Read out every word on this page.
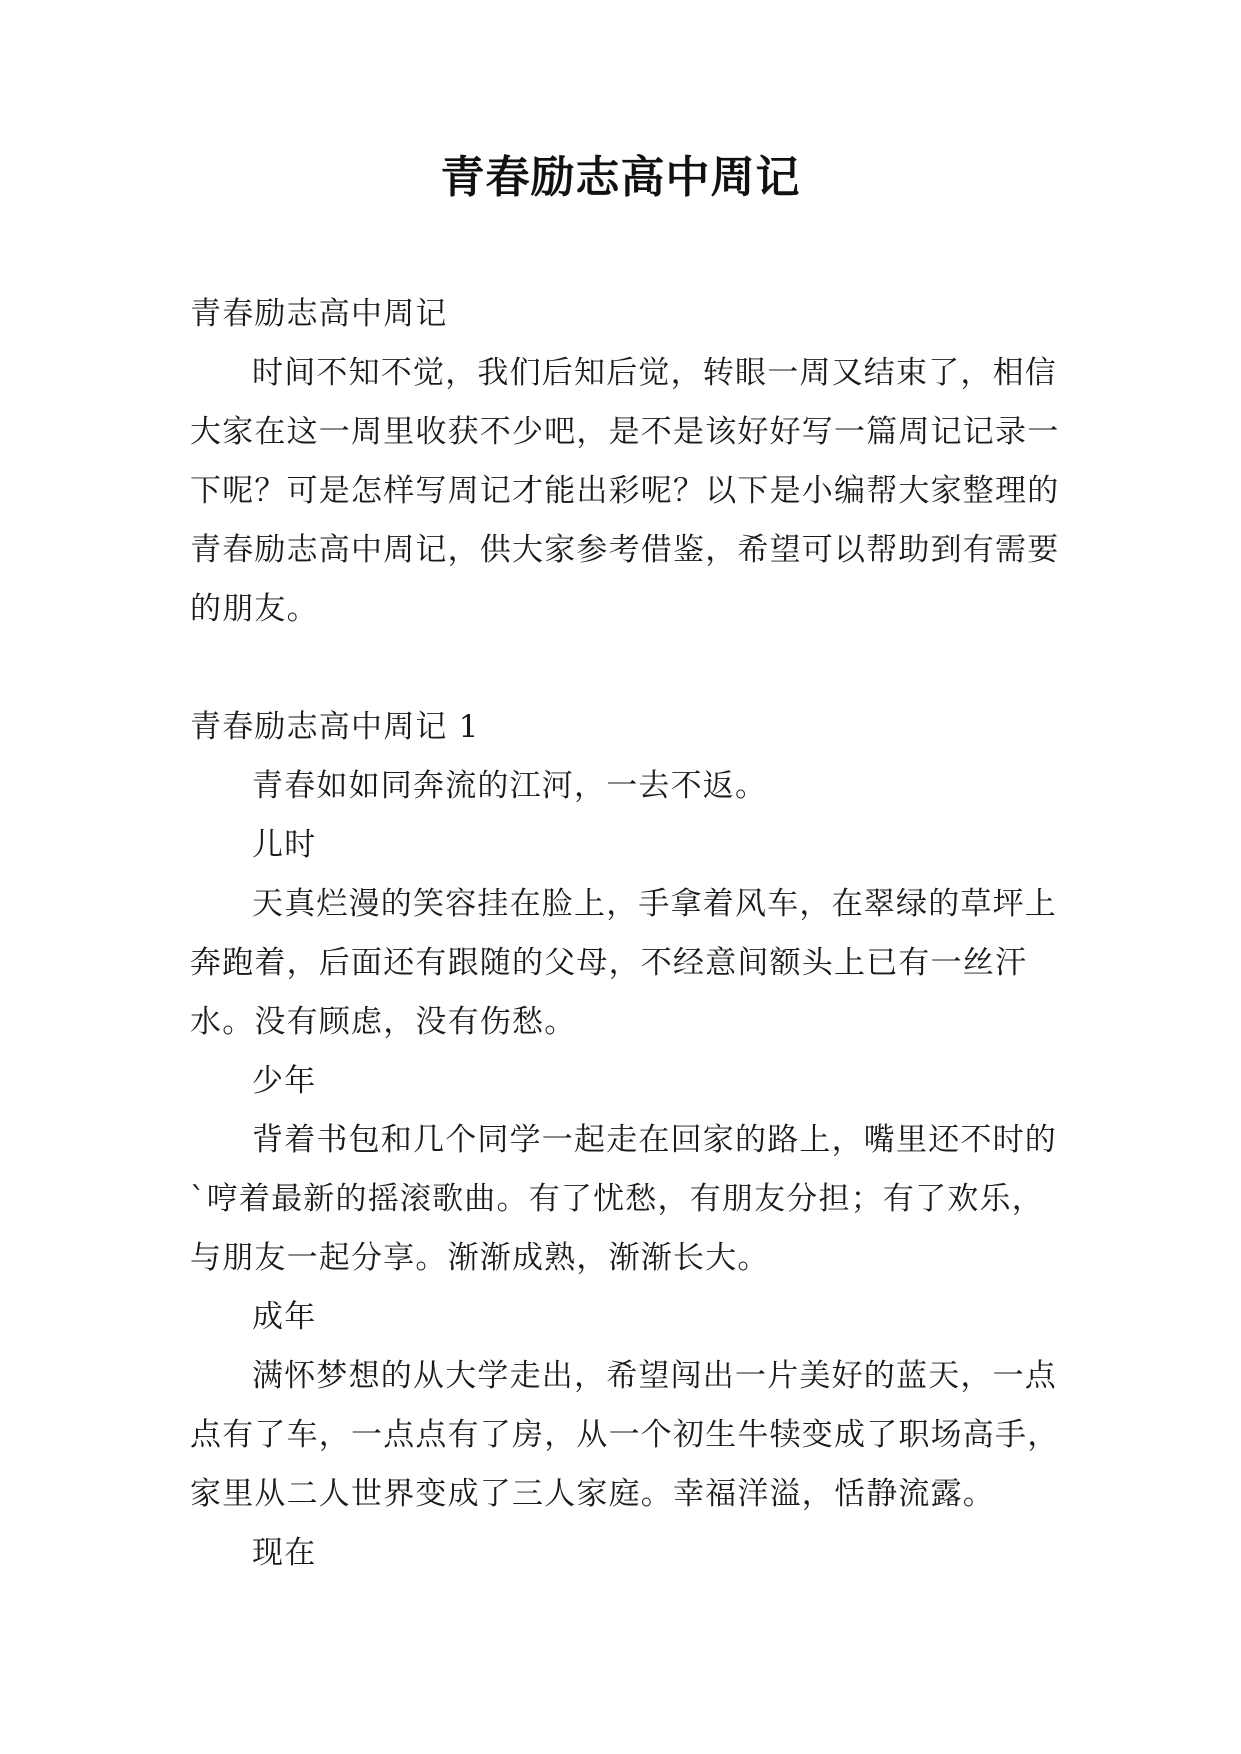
青春励志高中周记

青春励志高中周记

时间不知不觉，我们后知后觉，转眼一周又结束了，相信大家在这一周里收获不少吧，是不是该好好写一篇周记记录一下呢？可是怎样写周记才能出彩呢？以下是小编帮大家整理的青春励志高中周记，供大家参考借鉴，希望可以帮助到有需要的朋友。

青春励志高中周记 1

青春如如同奔流的江河，一去不返。

儿时

天真烂漫的笑容挂在脸上，手拿着风车，在翠绿的草坪上奔跑着，后面还有跟随的父母，不经意间额头上已有一丝汗水。没有顾虑，没有伤愁。

少年

背着书包和几个同学一起走在回家的路上，嘴里还不时的`哼着最新的摇滚歌曲。有了忧愁，有朋友分担；有了欢乐，与朋友一起分享。渐渐成熟，渐渐长大。

成年

满怀梦想的从大学走出，希望闯出一片美好的蓝天，一点点有了车，一点点有了房，从一个初生牛犊变成了职场高手，家里从二人世界变成了三人家庭。幸福洋溢，恬静流露。

现在
